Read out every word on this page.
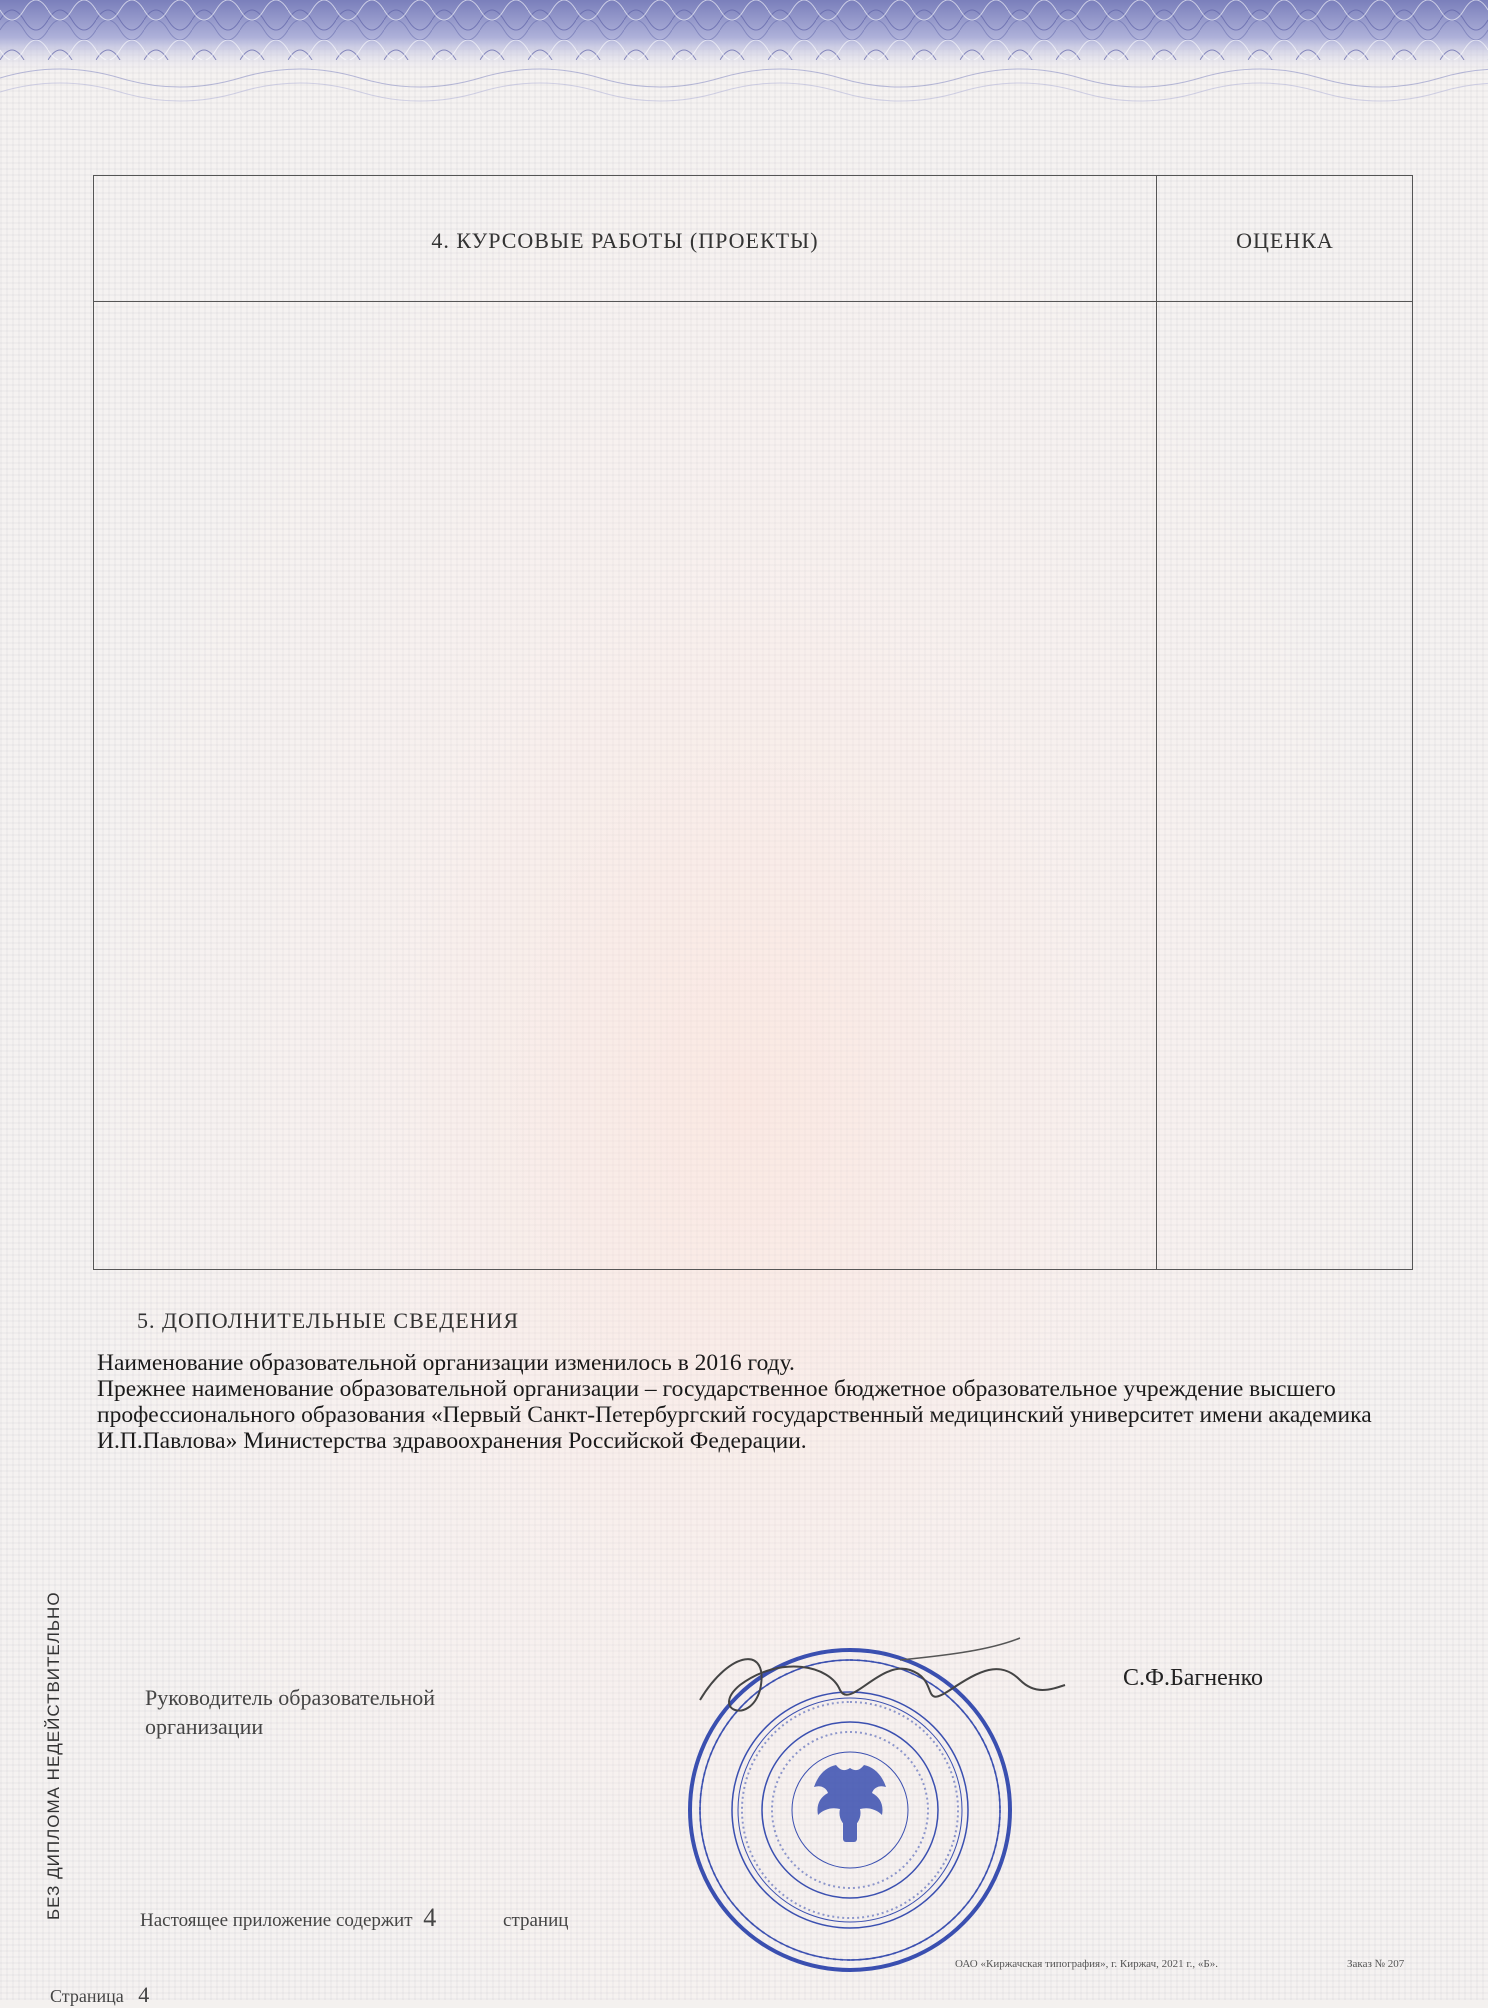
4. КУРСОВЫЕ РАБОТЫ (ПРОЕКТЫ)	ОЦЕНКА
5. ДОПОЛНИТЕЛЬНЫЕ СВЕДЕНИЯ

Наименование образовательной организации изменилось в 2016 году.

Прежнее наименование образовательной организации – государственное бюджетное образовательное учреждение высшего профессионального образования «Первый Санкт-Петербургский государственный медицинский университет имени академика И.П.Павлова» Министерства здравоохранения Российской Федерации.

БЕЗ ДИПЛОМА НЕДЕЙСТВИТЕЛЬНО	Руководитель образовательной
организации
С.Ф.Багненко
Настоящее приложение содержит 4	страниц
ОАО «Киржачская типография», г. Киржач, 2021 г., «Б».	Заказ № 207
Страница 4
